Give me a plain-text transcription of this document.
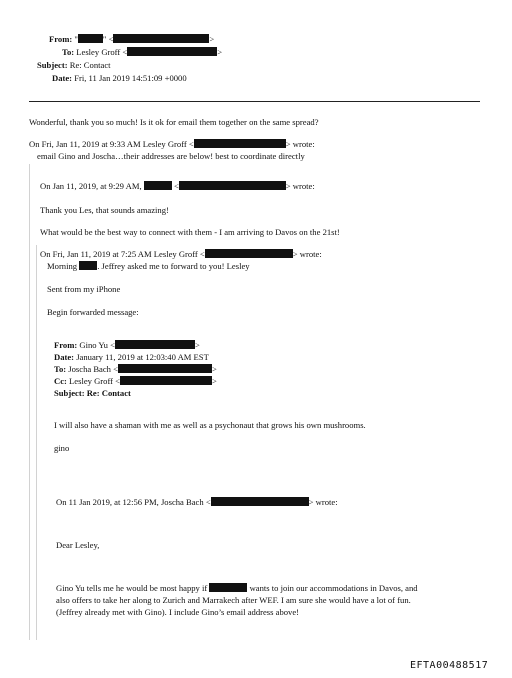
From: "	" <	>
To: Lesley Groff <	>
Subject: Re: Contact
Date: Fri, 11 Jan 2019 14:51:09 +0000
Wonderful, thank you so much! Is it ok for email them together on the same spread?
On Fri, Jan 11, 2019 at 9:33 AM Lesley Groff <	> wrote:
email Gino and Joscha…their addresses are below! best to coordinate directly
On Jan 11, 2019, at 9:29 AM,	<	> wrote:
Thank you Les, that sounds amazing!
What would be the best way to connect with them - I am arriving to Davos on the 21st!
On Fri, Jan 11, 2019 at 7:25 AM Lesley Groff <	> wrote:
Morning . Jeffrey asked me to forward to you! Lesley
Sent from my iPhone
Begin forwarded message:
From: Gino Yu <	>
Date: January 11, 2019 at 12:03:40 AM EST
To: Joscha Bach <	>
Cc: Lesley Groff <	>
Subject: Re: Contact
I will also have a shaman with me as well as a psychonaut that grows his own mushrooms.
gino
On 11 Jan 2019, at 12:56 PM, Joscha Bach <	> wrote:
Dear Lesley,
Gino Yu tells me he would be most happy if	wants to join our accommodations in Davos, and
also offers to take her along to Zurich and Marrakech after WEF. I am sure she would have a lot of fun.
(Jeffrey already met with Gino). I include Gino’s email address above!
EFTA00488517
